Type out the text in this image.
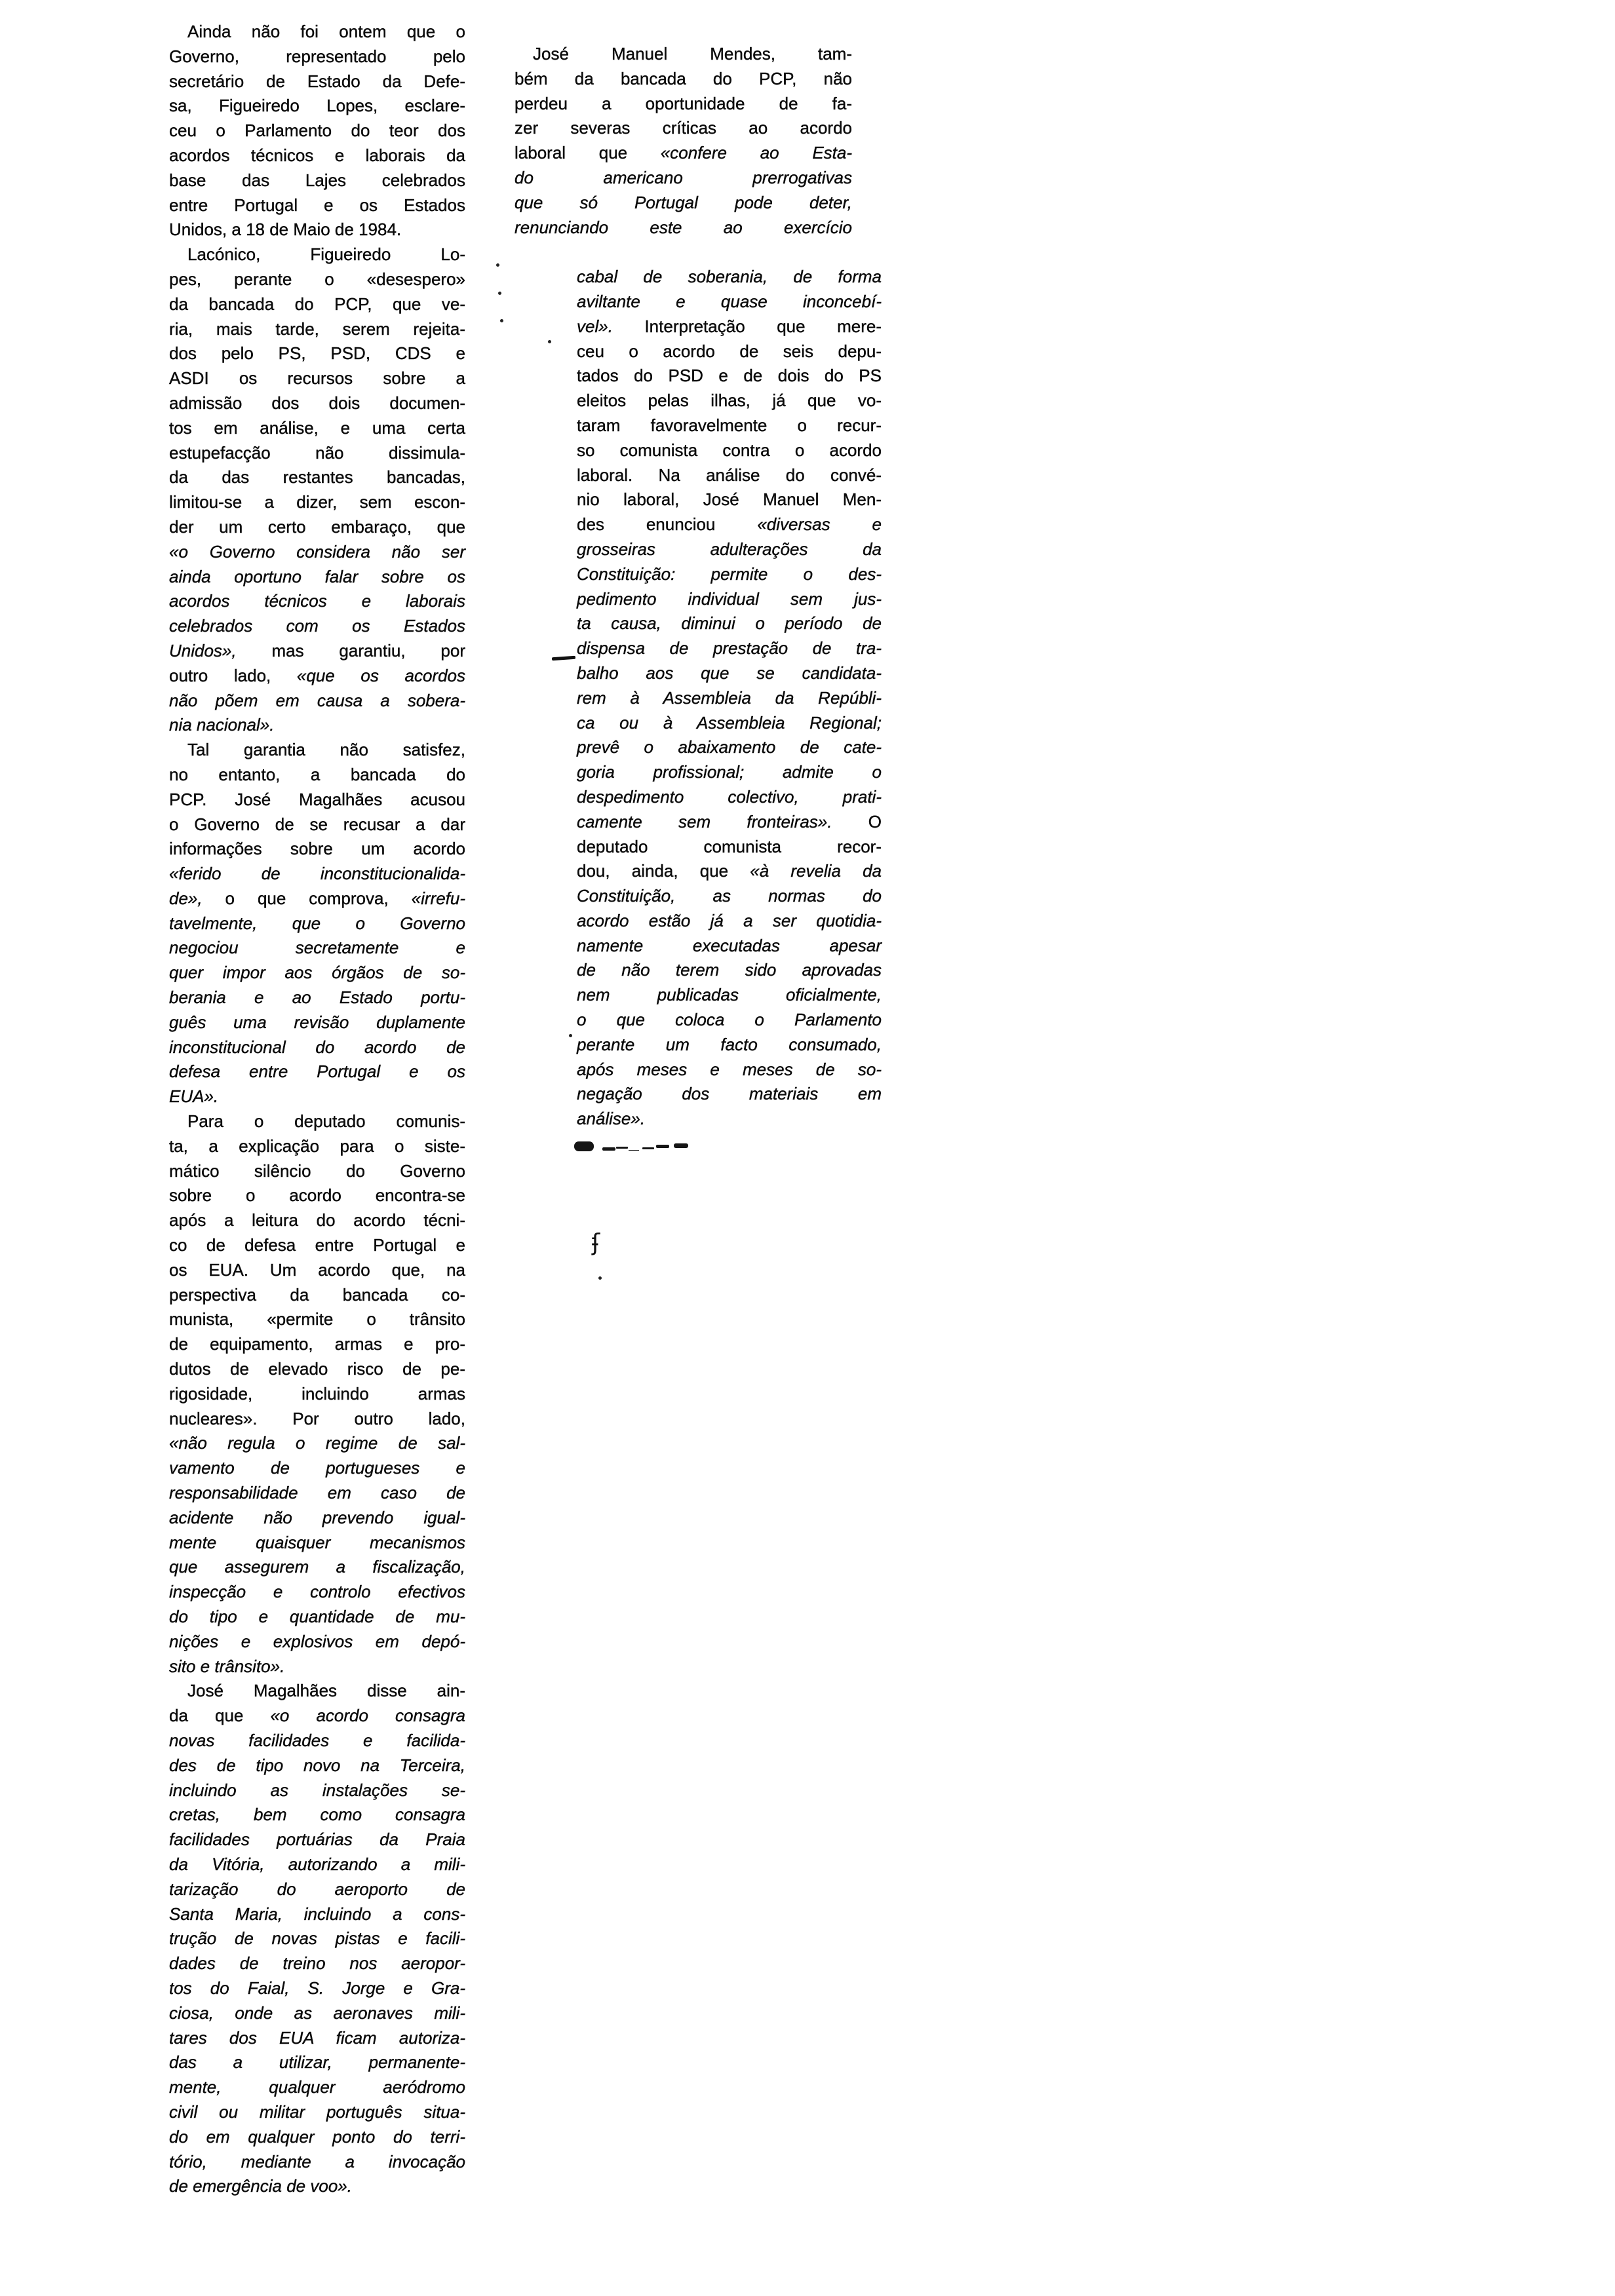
Ainda não foi ontem que o
Governo, representado pelo
secretário de Estado da Defe-
sa, Figueiredo Lopes, esclare-
ceu o Parlamento do teor dos
acordos técnicos e laborais da
base das Lajes celebrados
entre Portugal e os Estados
Unidos, a 18 de Maio de 1984.
Lacónico, Figueiredo Lo-
pes, perante o «desespero»
da bancada do PCP, que ve-
ria, mais tarde, serem rejeita-
dos pelo PS, PSD, CDS e
ASDI os recursos sobre a
admissão dos dois documen-
tos em análise, e uma certa
estupefacção não dissimula-
da das restantes bancadas,
limitou-se a dizer, sem escon-
der um certo embaraço, que
«o Governo considera não ser
ainda oportuno falar sobre os
acordos técnicos e laborais
celebrados com os Estados
Unidos», mas garantiu, por
outro lado, «que os acordos
não põem em causa a sobera-
nia nacional».
Tal garantia não satisfez,
no entanto, a bancada do
PCP. José Magalhães acusou
o Governo de se recusar a dar
informações sobre um acordo
«ferido de inconstitucionalida-
de», o que comprova, «irrefu-
tavelmente, que o Governo
negociou secretamente e
quer impor aos órgãos de so-
berania e ao Estado portu-
guês uma revisão duplamente
inconstitucional do acordo de
defesa entre Portugal e os
EUA».
Para o deputado comunis-
ta, a explicação para o siste-
mático silêncio do Governo
sobre o acordo encontra-se
após a leitura do acordo técni-
co de defesa entre Portugal e
os EUA. Um acordo que, na
perspectiva da bancada co-
munista, «permite o trânsito
de equipamento, armas e pro-
dutos de elevado risco de pe-
rigosidade, incluindo armas
nucleares». Por outro lado,
«não regula o regime de sal-
vamento de portugueses e
responsabilidade em caso de
acidente não prevendo igual-
mente quaisquer mecanismos
que assegurem a fiscalização,
inspecção e controlo efectivos
do tipo e quantidade de mu-
nições e explosivos em depó-
sito e trânsito».
José Magalhães disse ain-
da que «o acordo consagra
novas facilidades e facilida-
des de tipo novo na Terceira,
incluindo as instalações se-
cretas, bem como consagra
facilidades portuárias da Praia
da Vitória, autorizando a mili-
tarização do aeroporto de
Santa Maria, incluindo a cons-
trução de novas pistas e facili-
dades de treino nos aeropor-
tos do Faial, S. Jorge e Gra-
ciosa, onde as aeronaves mili-
tares dos EUA ficam autoriza-
das a utilizar, permanente-
mente, qualquer aeródromo
civil ou militar português situa-
do em qualquer ponto do terri-
tório, mediante a invocação
de emergência de voo».
José Manuel Mendes, tam-
bém da bancada do PCP, não
perdeu a oportunidade de fa-
zer severas críticas ao acordo
laboral que «confere ao Esta-
do americano prerrogativas
que só Portugal pode deter,
renunciando este ao exercício
cabal de soberania, de forma
aviltante e quase inconcebí-
vel». Interpretação que mere-
ceu o acordo de seis depu-
tados do PSD e de dois do PS
eleitos pelas ilhas, já que vo-
taram favoravelmente o recur-
so comunista contra o acordo
laboral. Na análise do convé-
nio laboral, José Manuel Men-
des enunciou «diversas e
grosseiras adulterações da
Constituição: permite o des-
pedimento individual sem jus-
ta causa, diminui o período de
dispensa de prestação de tra-
balho aos que se candidata-
rem à Assembleia da Repúbli-
ca ou à Assembleia Regional;
prevê o abaixamento de cate-
goria profissional; admite o
despedimento colectivo, prati-
camente sem fronteiras». O
deputado comunista recor-
dou, ainda, que «à revelia da
Constituição, as normas do
acordo estão já a ser quotidia-
namente executadas apesar
de não terem sido aprovadas
nem publicadas oficialmente,
o que coloca o Parlamento
perante um facto consumado,
após meses e meses de so-
negação dos materiais em
análise».
ʄ
